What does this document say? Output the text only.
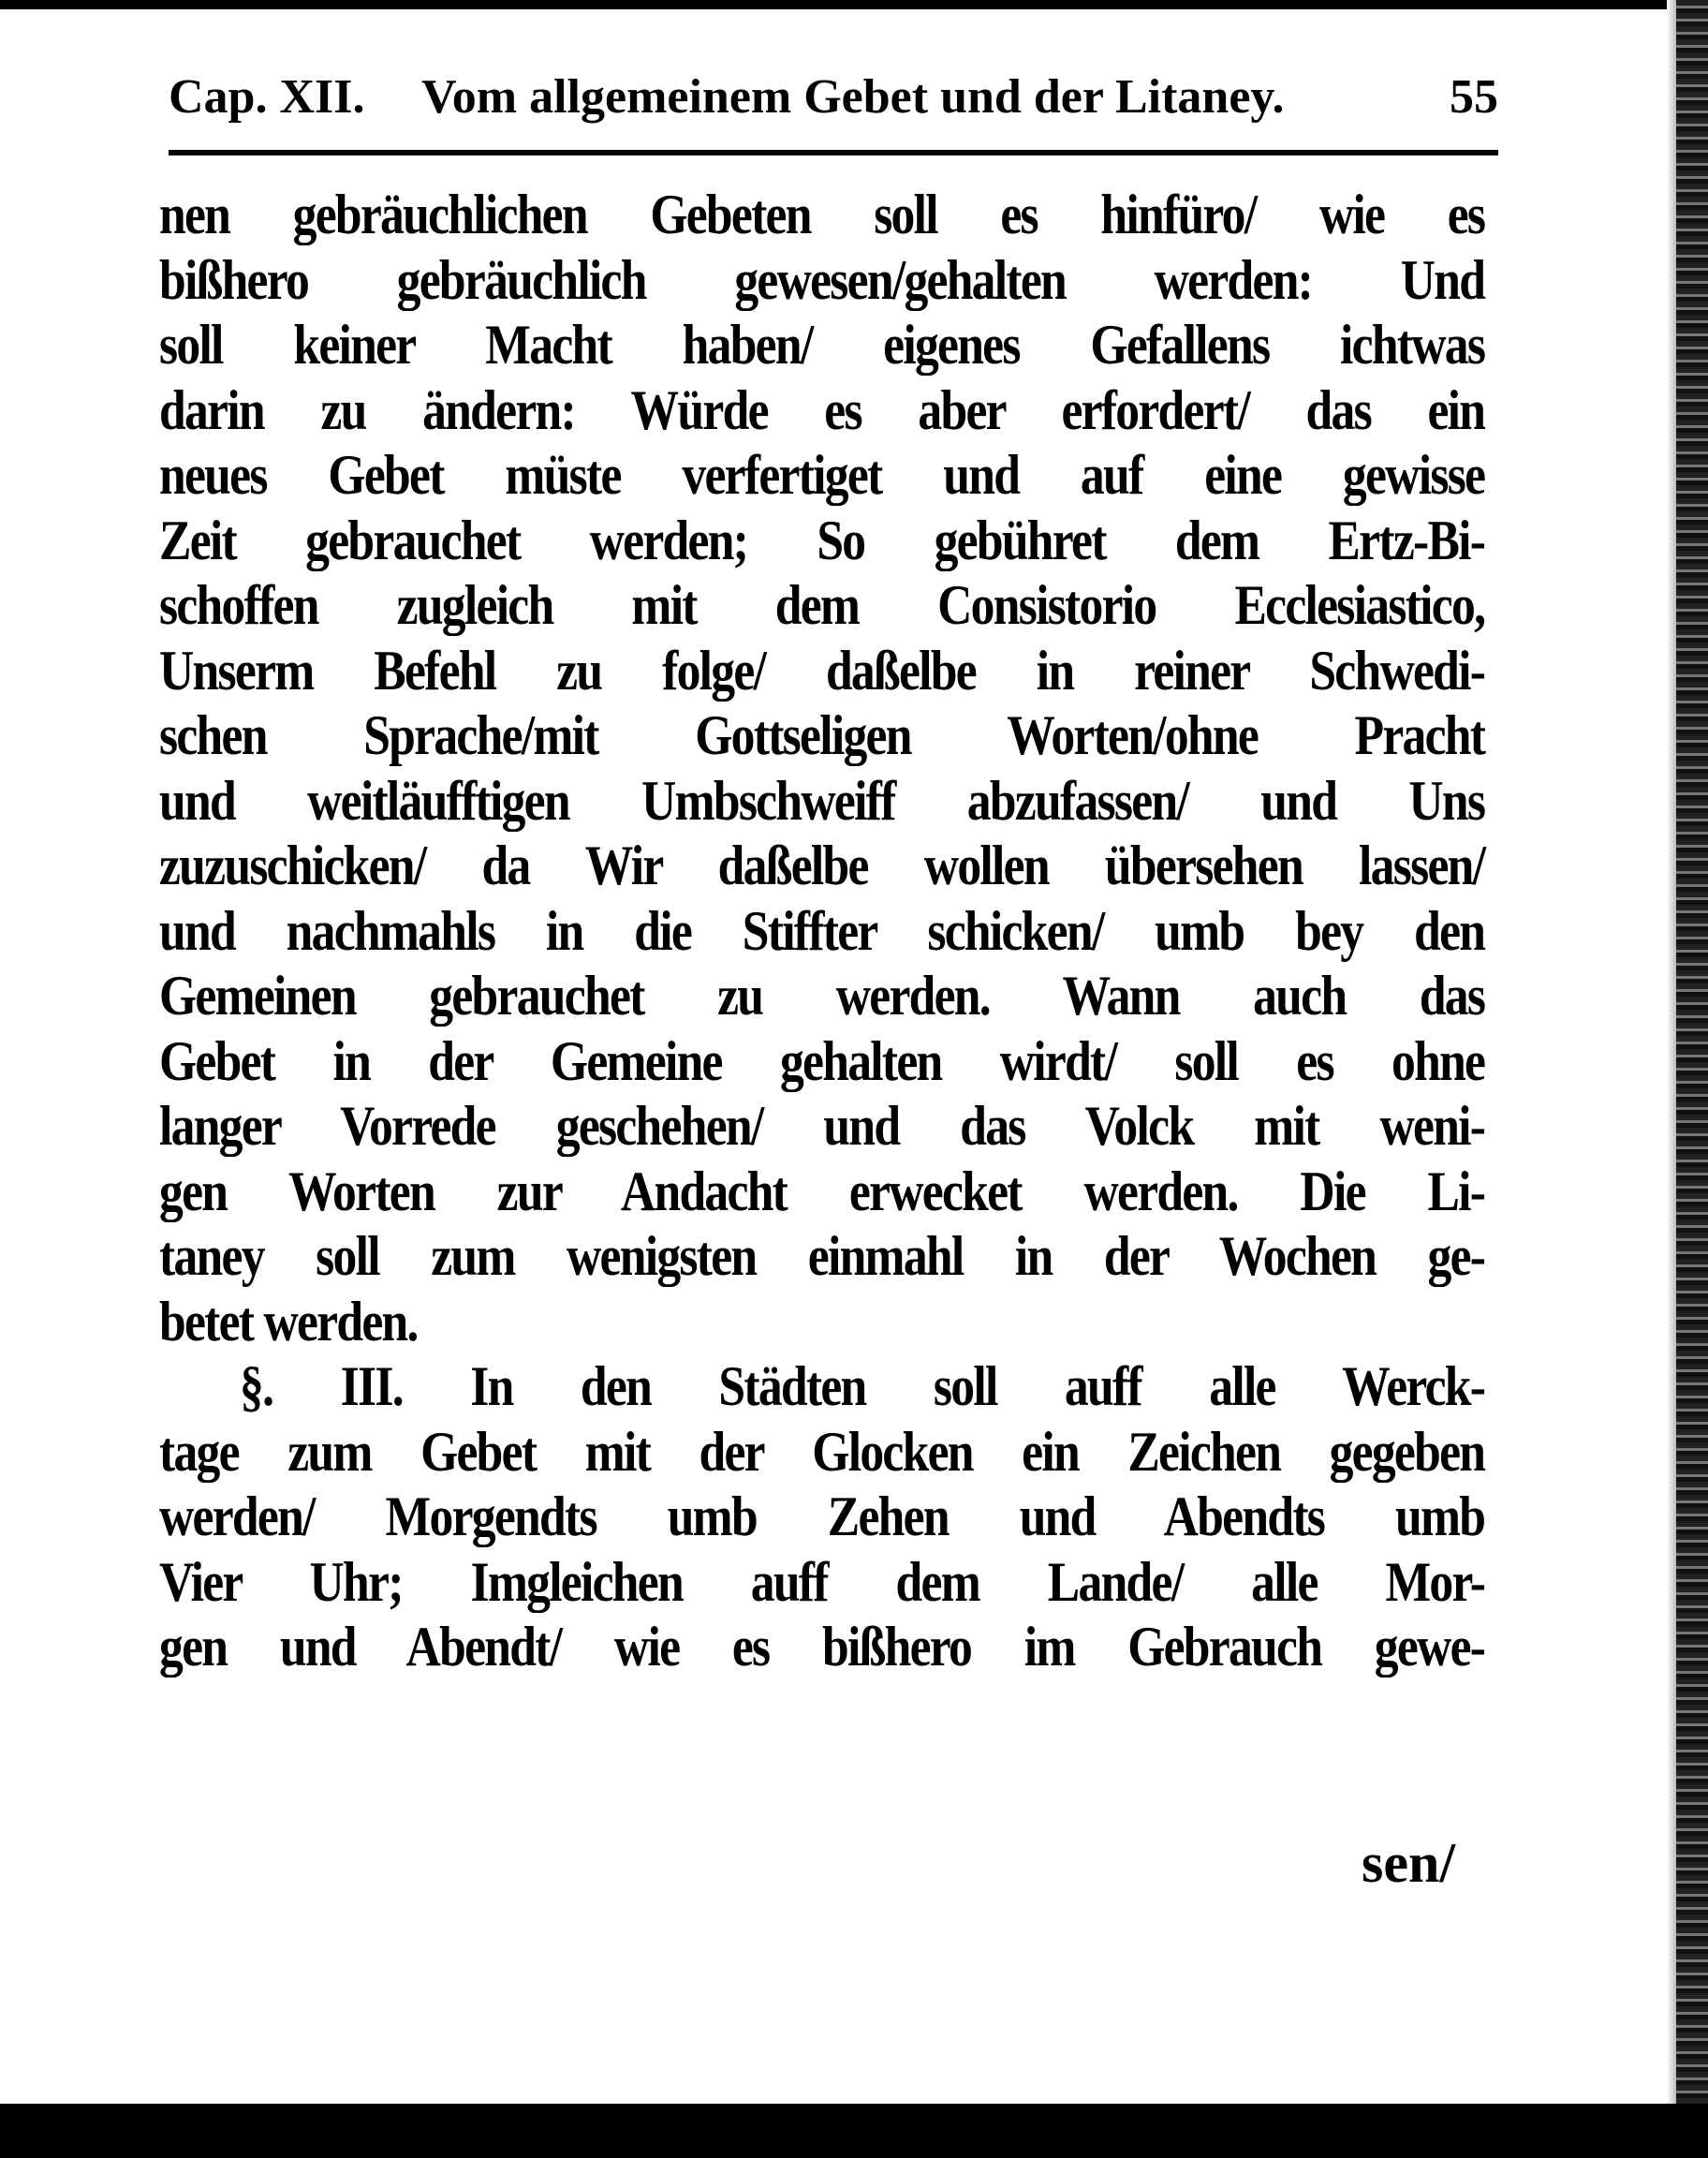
Cap. XII. Vom allgemeinem Gebet und der Litaney.	55
nen gebräuchlichen Gebeten soll es hinfüro/ wie es
bißhero gebräuchlich gewesen/gehalten werden: Und
soll keiner Macht haben/ eigenes Gefallens ichtwas
darin zu ändern: Würde es aber erfordert/ das ein
neues Gebet müste verfertiget und auf eine gewisse
Zeit gebrauchet werden; So gebühret dem Ertz-Bi-
schoffen zugleich mit dem Consistorio Ecclesiastico,
Unserm Befehl zu folge/ daßelbe in reiner Schwedi-
schen Sprache/mit Gottseligen Worten/ohne Pracht
und weitläufftigen Umbschweiff abzufassen/ und Uns
zuzuschicken/ da Wir daßelbe wollen übersehen lassen/
und nachmahls in die Stiffter schicken/ umb bey den
Gemeinen gebrauchet zu werden. Wann auch das
Gebet in der Gemeine gehalten wirdt/ soll es ohne
langer Vorrede geschehen/ und das Volck mit weni-
gen Worten zur Andacht erwecket werden. Die Li-
taney soll zum wenigsten einmahl in der Wochen ge-
betet werden.
§. III. In den Städten soll auff alle Werck-
tage zum Gebet mit der Glocken ein Zeichen gegeben
werden/ Morgendts umb Zehen und Abendts umb
Vier Uhr; Imgleichen auff dem Lande/ alle Mor-
gen und Abendt/ wie es bißhero im Gebrauch gewe-
sen/
